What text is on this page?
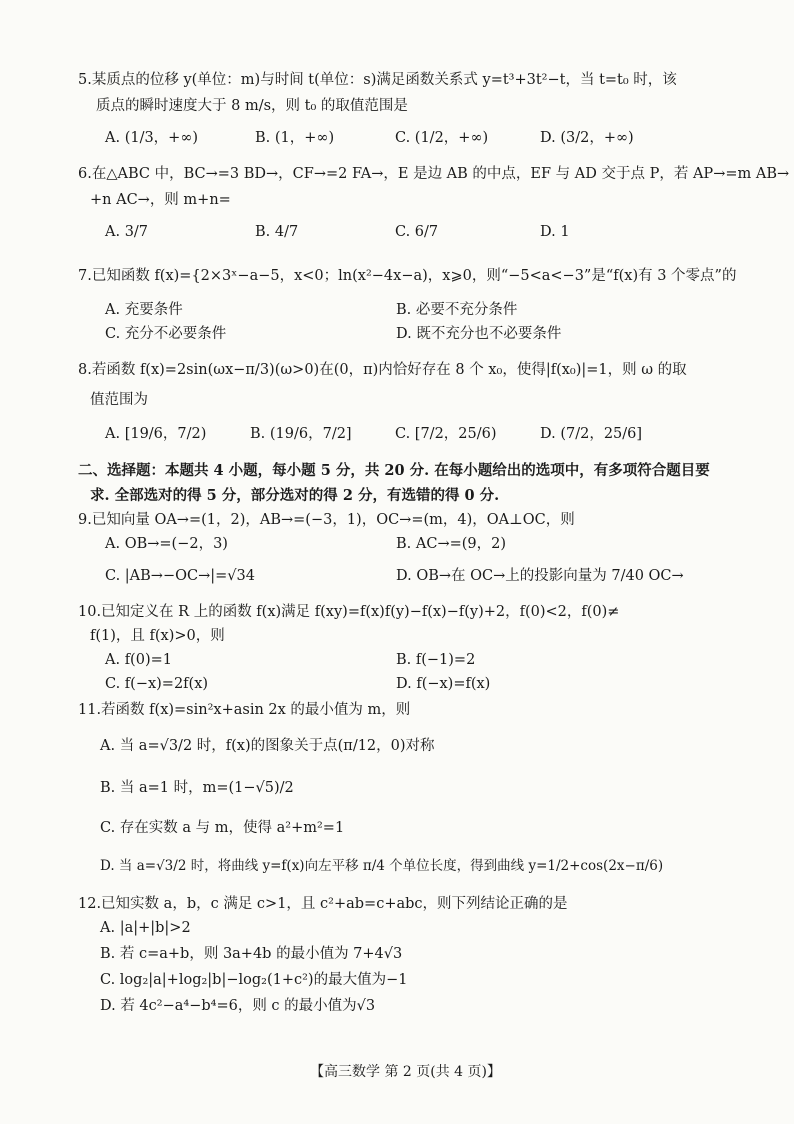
5.某质点的位移 y(单位：m)与时间 t(单位：s)满足函数关系式 y=t³+3t²−t，当 t=t₀ 时，该
质点的瞬时速度大于 8 m/s，则 t₀ 的取值范围是
A. (1/3，+∞)	B. (1，+∞)	C. (1/2，+∞)	D. (3/2，+∞)
6.在△ABC 中，BC→=3 BD→，CF→=2 FA→，E 是边 AB 的中点，EF 与 AD 交于点 P，若 AP→=m AB→
+n AC→，则 m+n=
A. 3/7	B. 4/7	C. 6/7	D. 1
7.已知函数 f(x)={2×3ˣ−a−5，x<0；ln(x²−4x−a)，x⩾0，则“−5<a<−3”是“f(x)有 3 个零点”的
A. 充要条件	B. 必要不充分条件
C. 充分不必要条件	D. 既不充分也不必要条件
8.若函数 f(x)=2sin(ωx−π/3)(ω>0)在(0，π)内恰好存在 8 个 x₀，使得|f(x₀)|=1，则 ω 的取
值范围为
A. [19/6，7/2)	B. (19/6，7/2]	C. [7/2，25/6)	D. (7/2，25/6]
二、选择题：本题共 4 小题，每小题 5 分，共 20 分. 在每小题给出的选项中，有多项符合题目要
求. 全部选对的得 5 分，部分选对的得 2 分，有选错的得 0 分.
9.已知向量 OA→=(1，2)，AB→=(−3，1)，OC→=(m，4)，OA⊥OC，则
A. OB→=(−2，3)	B. AC→=(9，2)
C. |AB→−OC→|=√34	D. OB→在 OC→上的投影向量为 7/40 OC→
10.已知定义在 R 上的函数 f(x)满足 f(xy)=f(x)f(y)−f(x)−f(y)+2，f(0)<2，f(0)≠
f(1)，且 f(x)>0，则
A. f(0)=1	B. f(−1)=2
C. f(−x)=2f(x)	D. f(−x)=f(x)
11.若函数 f(x)=sin²x+asin 2x 的最小值为 m，则
A. 当 a=√3/2 时，f(x)的图象关于点(π/12，0)对称
B. 当 a=1 时，m=(1−√5)/2
C. 存在实数 a 与 m，使得 a²+m²=1
D. 当 a=√3/2 时，将曲线 y=f(x)向左平移 π/4 个单位长度，得到曲线 y=1/2+cos(2x−π/6)
12.已知实数 a，b，c 满足 c>1，且 c²+ab=c+abc，则下列结论正确的是
A. |a|+|b|>2
B. 若 c=a+b，则 3a+4b 的最小值为 7+4√3
C. log₂|a|+log₂|b|−log₂(1+c²)的最大值为−1
D. 若 4c²−a⁴−b⁴=6，则 c 的最小值为√3
【高三数学 第 2 页(共 4 页)】
